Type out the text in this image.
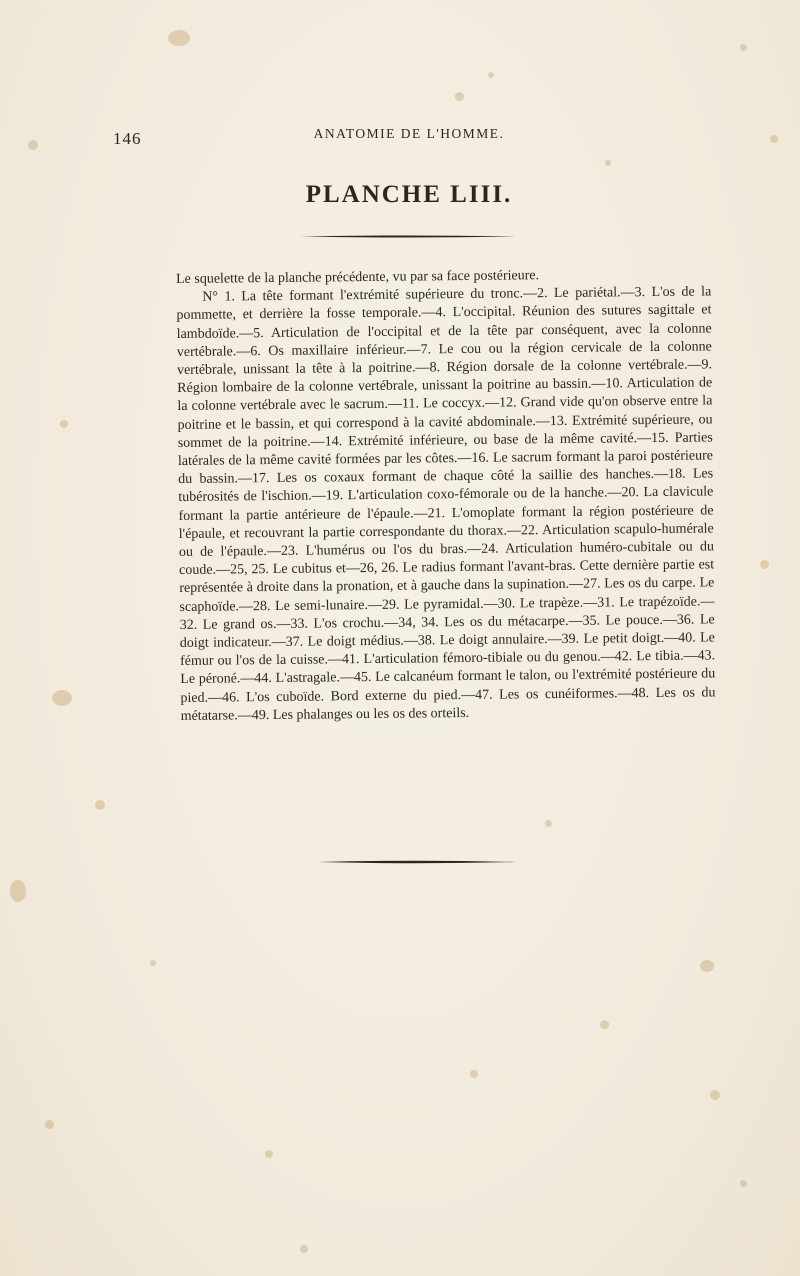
146	ANATOMIE DE L'HOMME.
PLANCHE LIII.

Le squelette de la planche précédente, vu par sa face postérieure.

N° 1. La tête formant l'extrémité supérieure du tronc.—2. Le pariétal.—3. L'os de la pommette, et derrière la fosse temporale.—4. L'occipital. Réunion des sutures sagittale et lambdoïde.—5. Articulation de l'occipital et de la tête par conséquent, avec la colonne vertébrale.—6. Os maxillaire inférieur.—7. Le cou ou la région cervicale de la colonne vertébrale, unissant la tête à la poitrine.—8. Région dorsale de la colonne vertébrale.—9. Région lombaire de la colonne vertébrale, unissant la poitrine au bassin.—10. Articulation de la colonne vertébrale avec le sacrum.—11. Le coccyx.—12. Grand vide qu'on observe entre la poitrine et le bassin, et qui correspond à la cavité abdominale.—13. Extrémité supérieure, ou sommet de la poitrine.—14. Extrémité inférieure, ou base de la même cavité.—15. Parties latérales de la même cavité formées par les côtes.—16. Le sacrum formant la paroi postérieure du bassin.—17. Les os coxaux formant de chaque côté la saillie des hanches.—18. Les tubérosités de l'ischion.—19. L'articulation coxo-fémorale ou de la hanche.—20. La clavicule formant la partie antérieure de l'épaule.—21. L'omoplate formant la région postérieure de l'épaule, et recouvrant la partie correspondante du thorax.—22. Articulation scapulo-humérale ou de l'épaule.—23. L'humérus ou l'os du bras.—24. Articulation huméro-cubitale ou du coude.—25, 25. Le cubitus et—26, 26. Le radius formant l'avant-bras. Cette dernière partie est représentée à droite dans la pronation, et à gauche dans la supination.—27. Les os du carpe. Le scaphoïde.—28. Le semi-lunaire.—29. Le pyramidal.—30. Le trapèze.—31. Le trapézoïde.—32. Le grand os.—33. L'os crochu.—34, 34. Les os du métacarpe.—35. Le pouce.—36. Le doigt indicateur.—37. Le doigt médius.—38. Le doigt annulaire.—39. Le petit doigt.—40. Le fémur ou l'os de la cuisse.—41. L'articulation fémoro-tibiale ou du genou.—42. Le tibia.—43. Le péroné.—44. L'astragale.—45. Le calcanéum formant le talon, ou l'extrémité postérieure du pied.—46. L'os cuboïde. Bord externe du pied.—47. Les os cunéiformes.—48. Les os du métatarse.—49. Les phalanges ou les os des orteils.
